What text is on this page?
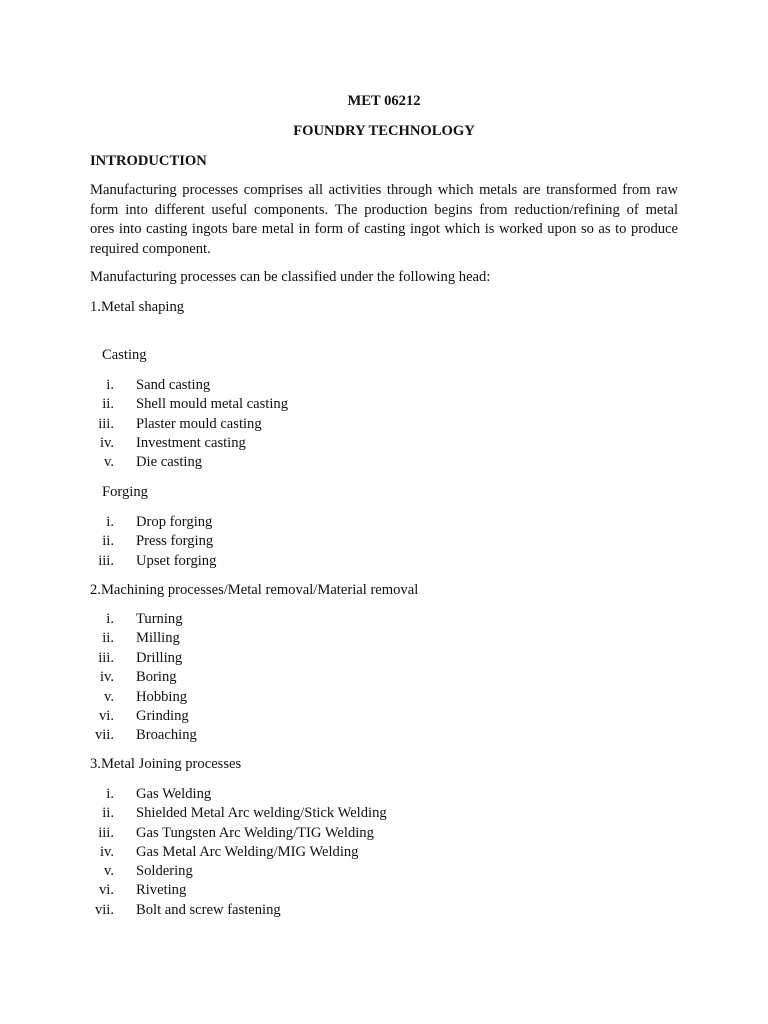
MET 06212
FOUNDRY TECHNOLOGY
INTRODUCTION
Manufacturing processes comprises all activities through which metals are transformed from raw
form into different useful components. The production begins from reduction/refining of metal
ores into casting ingots bare metal in form of casting ingot which is worked upon so as to produce
required component.
Manufacturing processes can be classified under the following head:
1.Metal shaping
Casting
i. Sand casting
ii. Shell mould metal casting
iii. Plaster mould casting
iv. Investment casting
v. Die casting
Forging
i. Drop forging
ii. Press forging
iii. Upset forging
2.Machining processes/Metal removal/Material removal
i. Turning
ii. Milling
iii. Drilling
iv. Boring
v. Hobbing
vi. Grinding
vii. Broaching
3.Metal Joining processes
i. Gas Welding
ii. Shielded Metal Arc welding/Stick Welding
iii. Gas Tungsten Arc Welding/TIG Welding
iv. Gas Metal Arc Welding/MIG Welding
v. Soldering
vi. Riveting
vii. Bolt and screw fastening
